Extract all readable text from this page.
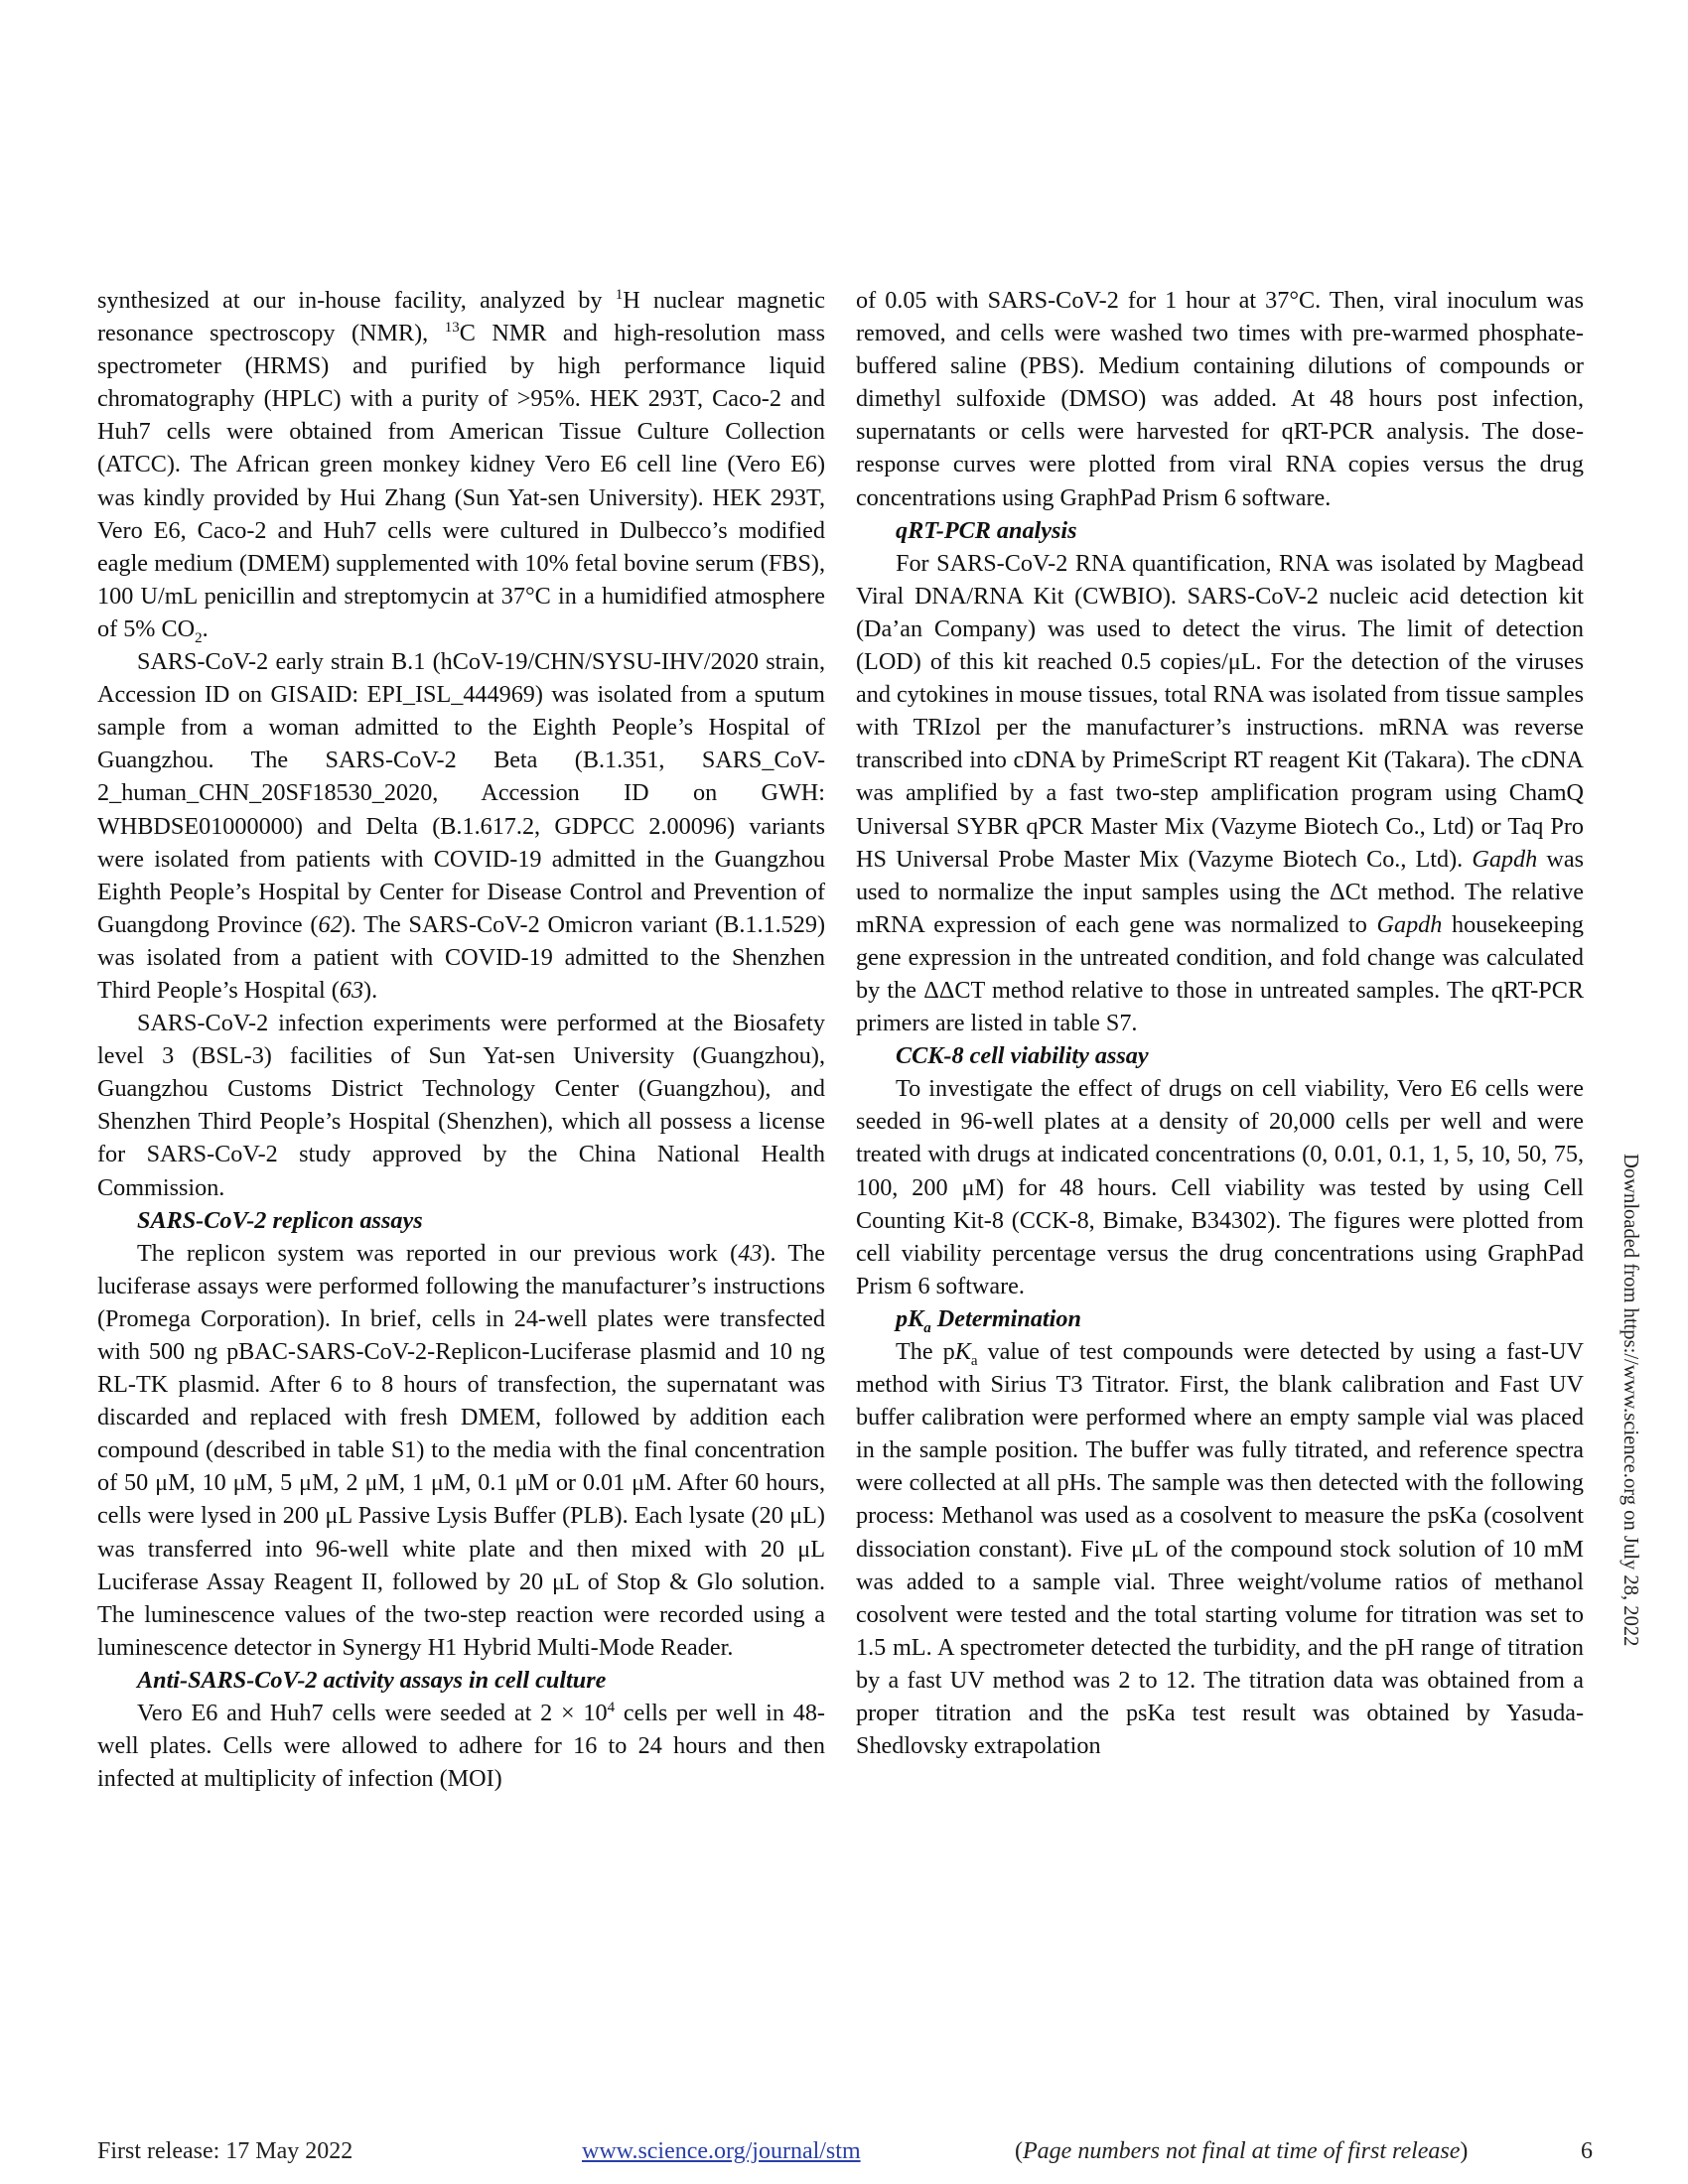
synthesized at our in-house facility, analyzed by $^1$H nuclear magnetic resonance spectroscopy (NMR), $^{13}$C NMR and high-resolution mass spectrometer (HRMS) and purified by high performance liquid chromatography (HPLC) with a purity of >95%. HEK 293T, Caco-2 and Huh7 cells were obtained from American Tissue Culture Collection (ATCC). The African green monkey kidney Vero E6 cell line (Vero E6) was kindly provided by Hui Zhang (Sun Yat-sen University). HEK 293T, Vero E6, Caco-2 and Huh7 cells were cultured in Dulbecco’s modified eagle medium (DMEM) supplemented with 10% fetal bovine serum (FBS), 100 U/mL penicillin and streptomycin at 37°C in a humidified atmosphere of 5% $CO_2$.

SARS-CoV-2 early strain B.1 (hCoV-19/CHN/SYSU-IHV/2020 strain, Accession ID on GISAID: EPI_ISL_444969) was isolated from a sputum sample from a woman admitted to the Eighth People’s Hospital of Guangzhou. The SARS-CoV-2 Beta (B.1.351, SARS_CoV-2_human_CHN_20SF18530_2020, Accession ID on GWH: WHBDSE01000000) and Delta (B.1.617.2, GDPCC 2.00096) variants were isolated from patients with COVID-19 admitted in the Guangzhou Eighth People’s Hospital by Center for Disease Control and Prevention of Guangdong Province (62). The SARS-CoV-2 Omicron variant (B.1.1.529) was isolated from a patient with COVID-19 admitted to the Shenzhen Third People’s Hospital (63).

SARS-CoV-2 infection experiments were performed at the Biosafety level 3 (BSL-3) facilities of Sun Yat-sen University (Guangzhou), Guangzhou Customs District Technology Center (Guangzhou), and Shenzhen Third People’s Hospital (Shenzhen), which all possess a license for SARS-CoV-2 study approved by the China National Health Commission.

SARS-CoV-2 replicon assays

The replicon system was reported in our previous work (43). The luciferase assays were performed following the manufacturer’s instructions (Promega Corporation). In brief, cells in 24-well plates were transfected with 500 ng pBAC-SARS-CoV-2-Replicon-Luciferase plasmid and 10 ng RL-TK plasmid. After 6 to 8 hours of transfection, the supernatant was discarded and replaced with fresh DMEM, followed by addition each compound (described in table S1) to the media with the final concentration of 50 μM, 10 μM, 5 μM, 2 μM, 1 μM, 0.1 μM or 0.01 μM. After 60 hours, cells were lysed in 200 μL Passive Lysis Buffer (PLB). Each lysate (20 μL) was transferred into 96-well white plate and then mixed with 20 μL Luciferase Assay Reagent II, followed by 20 μL of Stop & Glo solution. The luminescence values of the two-step reaction were recorded using a luminescence detector in Synergy H1 Hybrid Multi-Mode Reader.

Anti-SARS-CoV-2 activity assays in cell culture

Vero E6 and Huh7 cells were seeded at $2 \times 10^4$ cells per well in 48-well plates. Cells were allowed to adhere for 16 to 24 hours and then infected at multiplicity of infection (MOI)

of 0.05 with SARS-CoV-2 for 1 hour at 37°C. Then, viral inoculum was removed, and cells were washed two times with pre-warmed phosphate-buffered saline (PBS). Medium containing dilutions of compounds or dimethyl sulfoxide (DMSO) was added. At 48 hours post infection, supernatants or cells were harvested for qRT-PCR analysis. The dose-response curves were plotted from viral RNA copies versus the drug concentrations using GraphPad Prism 6 software.

qRT-PCR analysis

For SARS-CoV-2 RNA quantification, RNA was isolated by Magbead Viral DNA/RNA Kit (CWBIO). SARS-CoV-2 nucleic acid detection kit (Da’an Company) was used to detect the virus. The limit of detection (LOD) of this kit reached 0.5 copies/μL. For the detection of the viruses and cytokines in mouse tissues, total RNA was isolated from tissue samples with TRIzol per the manufacturer’s instructions. mRNA was reverse transcribed into cDNA by PrimeScript RT reagent Kit (Takara). The cDNA was amplified by a fast two-step amplification program using ChamQ Universal SYBR qPCR Master Mix (Vazyme Biotech Co., Ltd) or Taq Pro HS Universal Probe Master Mix (Vazyme Biotech Co., Ltd). Gapdh was used to normalize the input samples using the ΔCt method. The relative mRNA expression of each gene was normalized to Gapdh housekeeping gene expression in the untreated condition, and fold change was calculated by the ΔΔCT method relative to those in untreated samples. The qRT-PCR primers are listed in table S7.

CCK-8 cell viability assay

To investigate the effect of drugs on cell viability, Vero E6 cells were seeded in 96-well plates at a density of 20,000 cells per well and were treated with drugs at indicated concentrations (0, 0.01, 0.1, 1, 5, 10, 50, 75, 100, 200 μM) for 48 hours. Cell viability was tested by using Cell Counting Kit-8 (CCK-8, Bimake, B34302). The figures were plotted from cell viability percentage versus the drug concentrations using GraphPad Prism 6 software.

$pK_a$ Determination

The $pK_a$ value of test compounds were detected by using a fast-UV method with Sirius T3 Titrator. First, the blank calibration and Fast UV buffer calibration were performed where an empty sample vial was placed in the sample position. The buffer was fully titrated, and reference spectra were collected at all pHs. The sample was then detected with the following process: Methanol was used as a cosolvent to measure the psKa (cosolvent dissociation constant). Five μL of the compound stock solution of 10 mM was added to a sample vial. Three weight/volume ratios of methanol cosolvent were tested and the total starting volume for titration was set to 1.5 mL. A spectrometer detected the turbidity, and the pH range of titration by a fast UV method was 2 to 12. The titration data was obtained from a proper titration and the psKa test result was obtained by Yasuda-Shedlovsky extrapolation

Downloaded from https://www.science.org on July 28, 2022
First release: 17 May 2022	www.science.org/journal/stm	(Page numbers not final at time of first release)	6
